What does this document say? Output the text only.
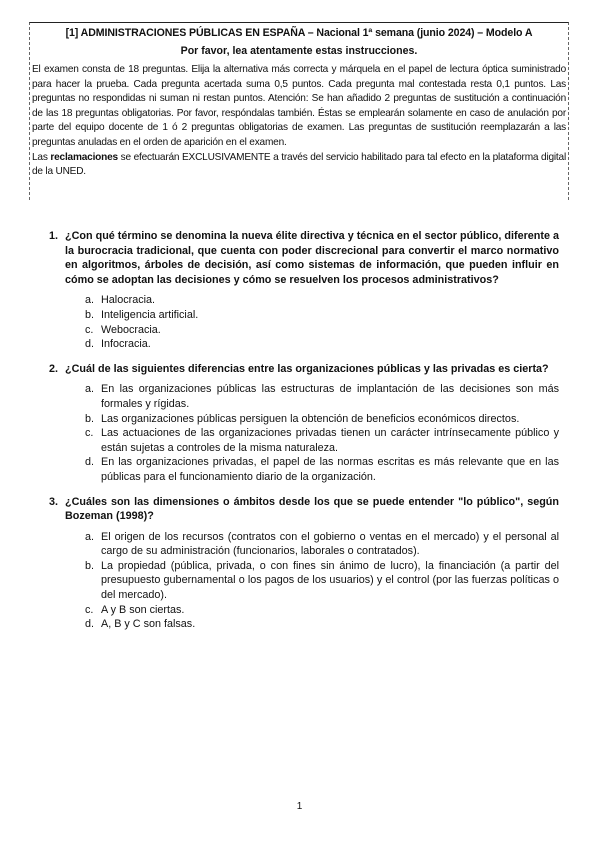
[1] ADMINISTRACIONES PÚBLICAS EN ESPAÑA – Nacional 1ª semana (junio 2024) – Modelo A
Por favor, lea atentamente estas instrucciones.

El examen consta de 18 preguntas. Elija la alternativa más correcta y márquela en el papel de lectura óptica suministrado para hacer la prueba. Cada pregunta acertada suma 0,5 puntos. Cada pregunta mal contestada resta 0,1 puntos. Las preguntas no respondidas ni suman ni restan puntos. Atención: Se han añadido 2 preguntas de sustitución a continuación de las 18 preguntas obligatorias. Por favor, respóndalas también. Éstas se emplearán solamente en caso de anulación por parte del equipo docente de 1 ó 2 preguntas obligatorias de examen. Las preguntas de sustitución reemplazarán a las preguntas anuladas en el orden de aparición en el examen.

Las reclamaciones se efectuarán EXCLUSIVAMENTE a través del servicio habilitado para tal efecto en la plataforma digital de la UNED.

1. ¿Con qué término se denomina la nueva élite directiva y técnica en el sector público, diferente a la burocracia tradicional, que cuenta con poder discrecional para convertir el marco normativo en algoritmos, árboles de decisión, así como sistemas de información, que pueden influir en cómo se adoptan las decisiones y cómo se resuelven los procesos administrativos?
a. Halocracia.
b. Inteligencia artificial.
c. Webocracia.
d. Infocracia.
2. ¿Cuál de las siguientes diferencias entre las organizaciones públicas y las privadas es cierta?
a. En las organizaciones públicas las estructuras de implantación de las decisiones son más formales y rígidas.
b. Las organizaciones públicas persiguen la obtención de beneficios económicos directos.
c. Las actuaciones de las organizaciones privadas tienen un carácter intrínsecamente público y están sujetas a controles de la misma naturaleza.
d. En las organizaciones privadas, el papel de las normas escritas es más relevante que en las públicas para el funcionamiento diario de la organización.
3. ¿Cuáles son las dimensiones o ámbitos desde los que se puede entender "lo público", según Bozeman (1998)?
a. El origen de los recursos (contratos con el gobierno o ventas en el mercado) y el personal al cargo de su administración (funcionarios, laborales o contratados).
b. La propiedad (pública, privada, o con fines sin ánimo de lucro), la financiación (a partir del presupuesto gubernamental o los pagos de los usuarios) y el control (por las fuerzas políticas o del mercado).
c. A y B son ciertas.
d. A, B y C son falsas.
1
